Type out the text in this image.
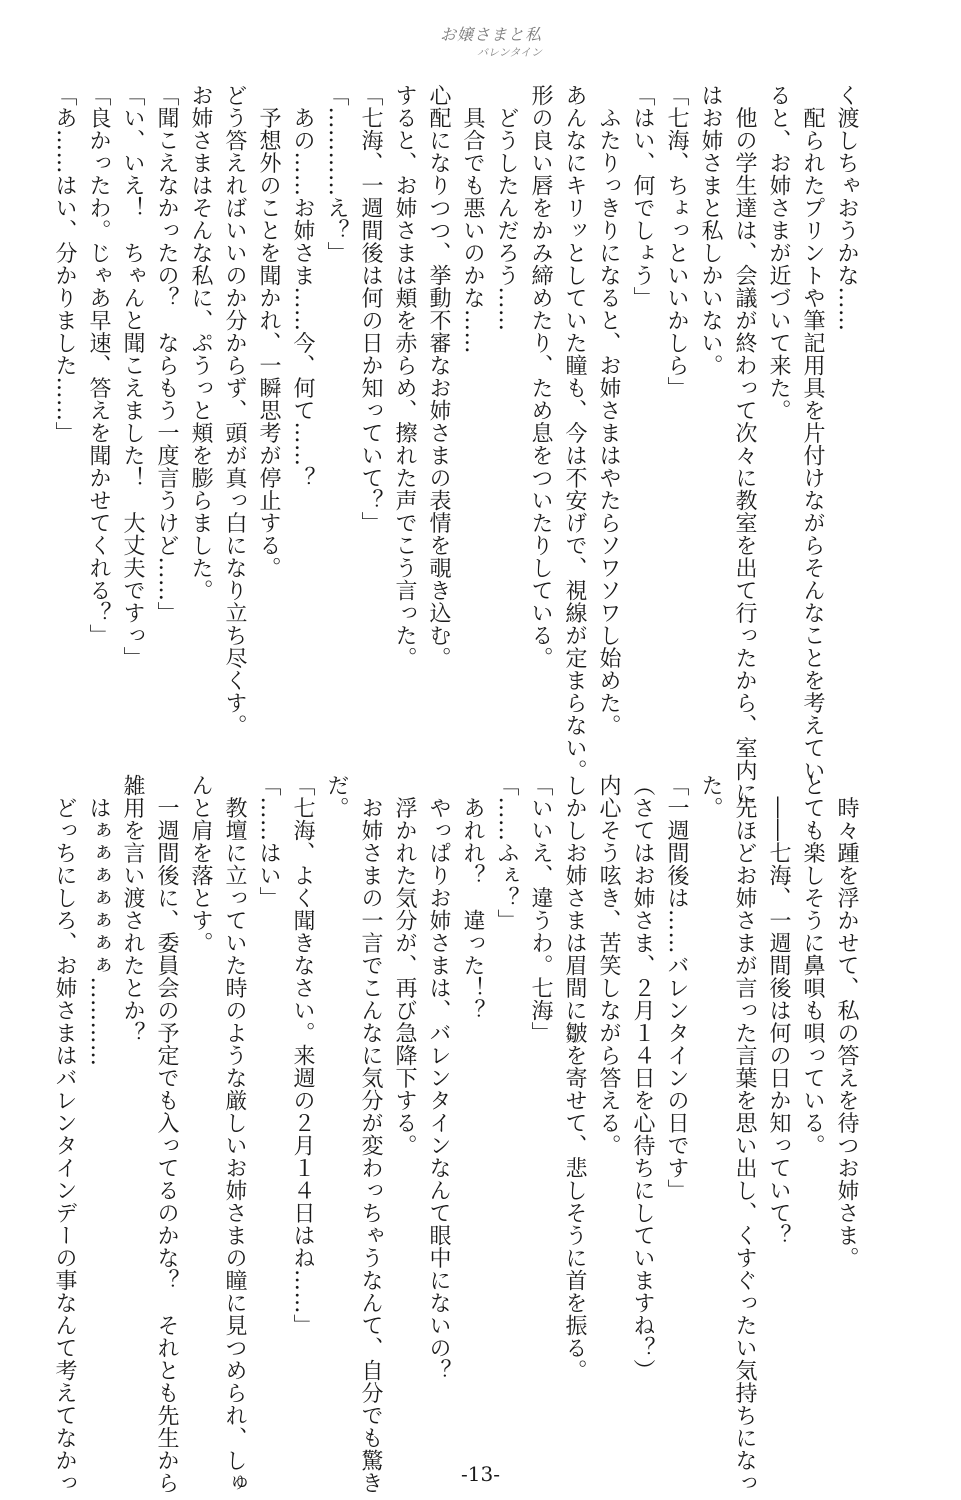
お嬢さまと私
バレンタイン
く渡しちゃおうかな……
　配られたプリントや筆記用具を片付けながらそんなことを考えてい
ると、お姉さまが近づいて来た。
　他の学生達は、会議が終わって次々に教室を出て行ったから、室内に
はお姉さまと私しかいない。
「七海、ちょっといいかしら」
「はい、何でしょう」
　ふたりっきりになると、お姉さまはやたらソワソワし始めた。
あんなにキリッとしていた瞳も、今は不安げで、視線が定まらない。
形の良い唇をかみ締めたり、ため息をついたりしている。
　どうしたんだろう……
　具合でも悪いのかな……
心配になりつつ、挙動不審なお姉さまの表情を覗き込む。
すると、お姉さまは頬を赤らめ、擦れた声でこう言った。
「七海、一週間後は何の日か知っていて？」
「…………え？」
　あの……お姉さま……今、何て……？
　予想外のことを聞かれ、一瞬思考が停止する。
どう答えればいいのか分からず、頭が真っ白になり立ち尽くす。
お姉さまはそんな私に、ぷうっと頬を膨らました。
「聞こえなかったの？　ならもう一度言うけど……」
「い、いえ！　ちゃんと聞こえました！　大丈夫ですっ」
「良かったわ。じゃあ早速、答えを聞かせてくれる？」
「あ……はい、分かりました……」
　時々踵を浮かせて、私の答えを待つお姉さま。
とても楽しそうに鼻唄も唄っている。
　――七海、一週間後は何の日か知っていて？
　先ほどお姉さまが言った言葉を思い出し、くすぐったい気持ちになっ
た。
「一週間後は……バレンタインの日です」
（さてはお姉さま、２月１４日を心待ちにしていますね？）
内心そう呟き、苦笑しながら答える。
しかしお姉さまは眉間に皺を寄せて、悲しそうに首を振る。
「いいえ、違うわ。七海」
「……ふぇ？」
　あれれ？　違った！？
　やっぱりお姉さまは、バレンタインなんて眼中にないの？
　浮かれた気分が、再び急降下する。
　お姉さまの一言でこんなに気分が変わっちゃうなんて、自分でも驚き
だ。
「七海、よく聞きなさい。来週の２月１４日はね……」
「……はい」
　教壇に立っていた時のような厳しいお姉さまの瞳に見つめられ、しゅ
んと肩を落とす。
　一週間後に、委員会の予定でも入ってるのかな？　それとも先生から
雑用を言い渡されたとか？
　はぁぁぁぁぁぁぁ…………
　どっちにしろ、お姉さまはバレンタインデーの事なんて考えてなかっ	-13-
